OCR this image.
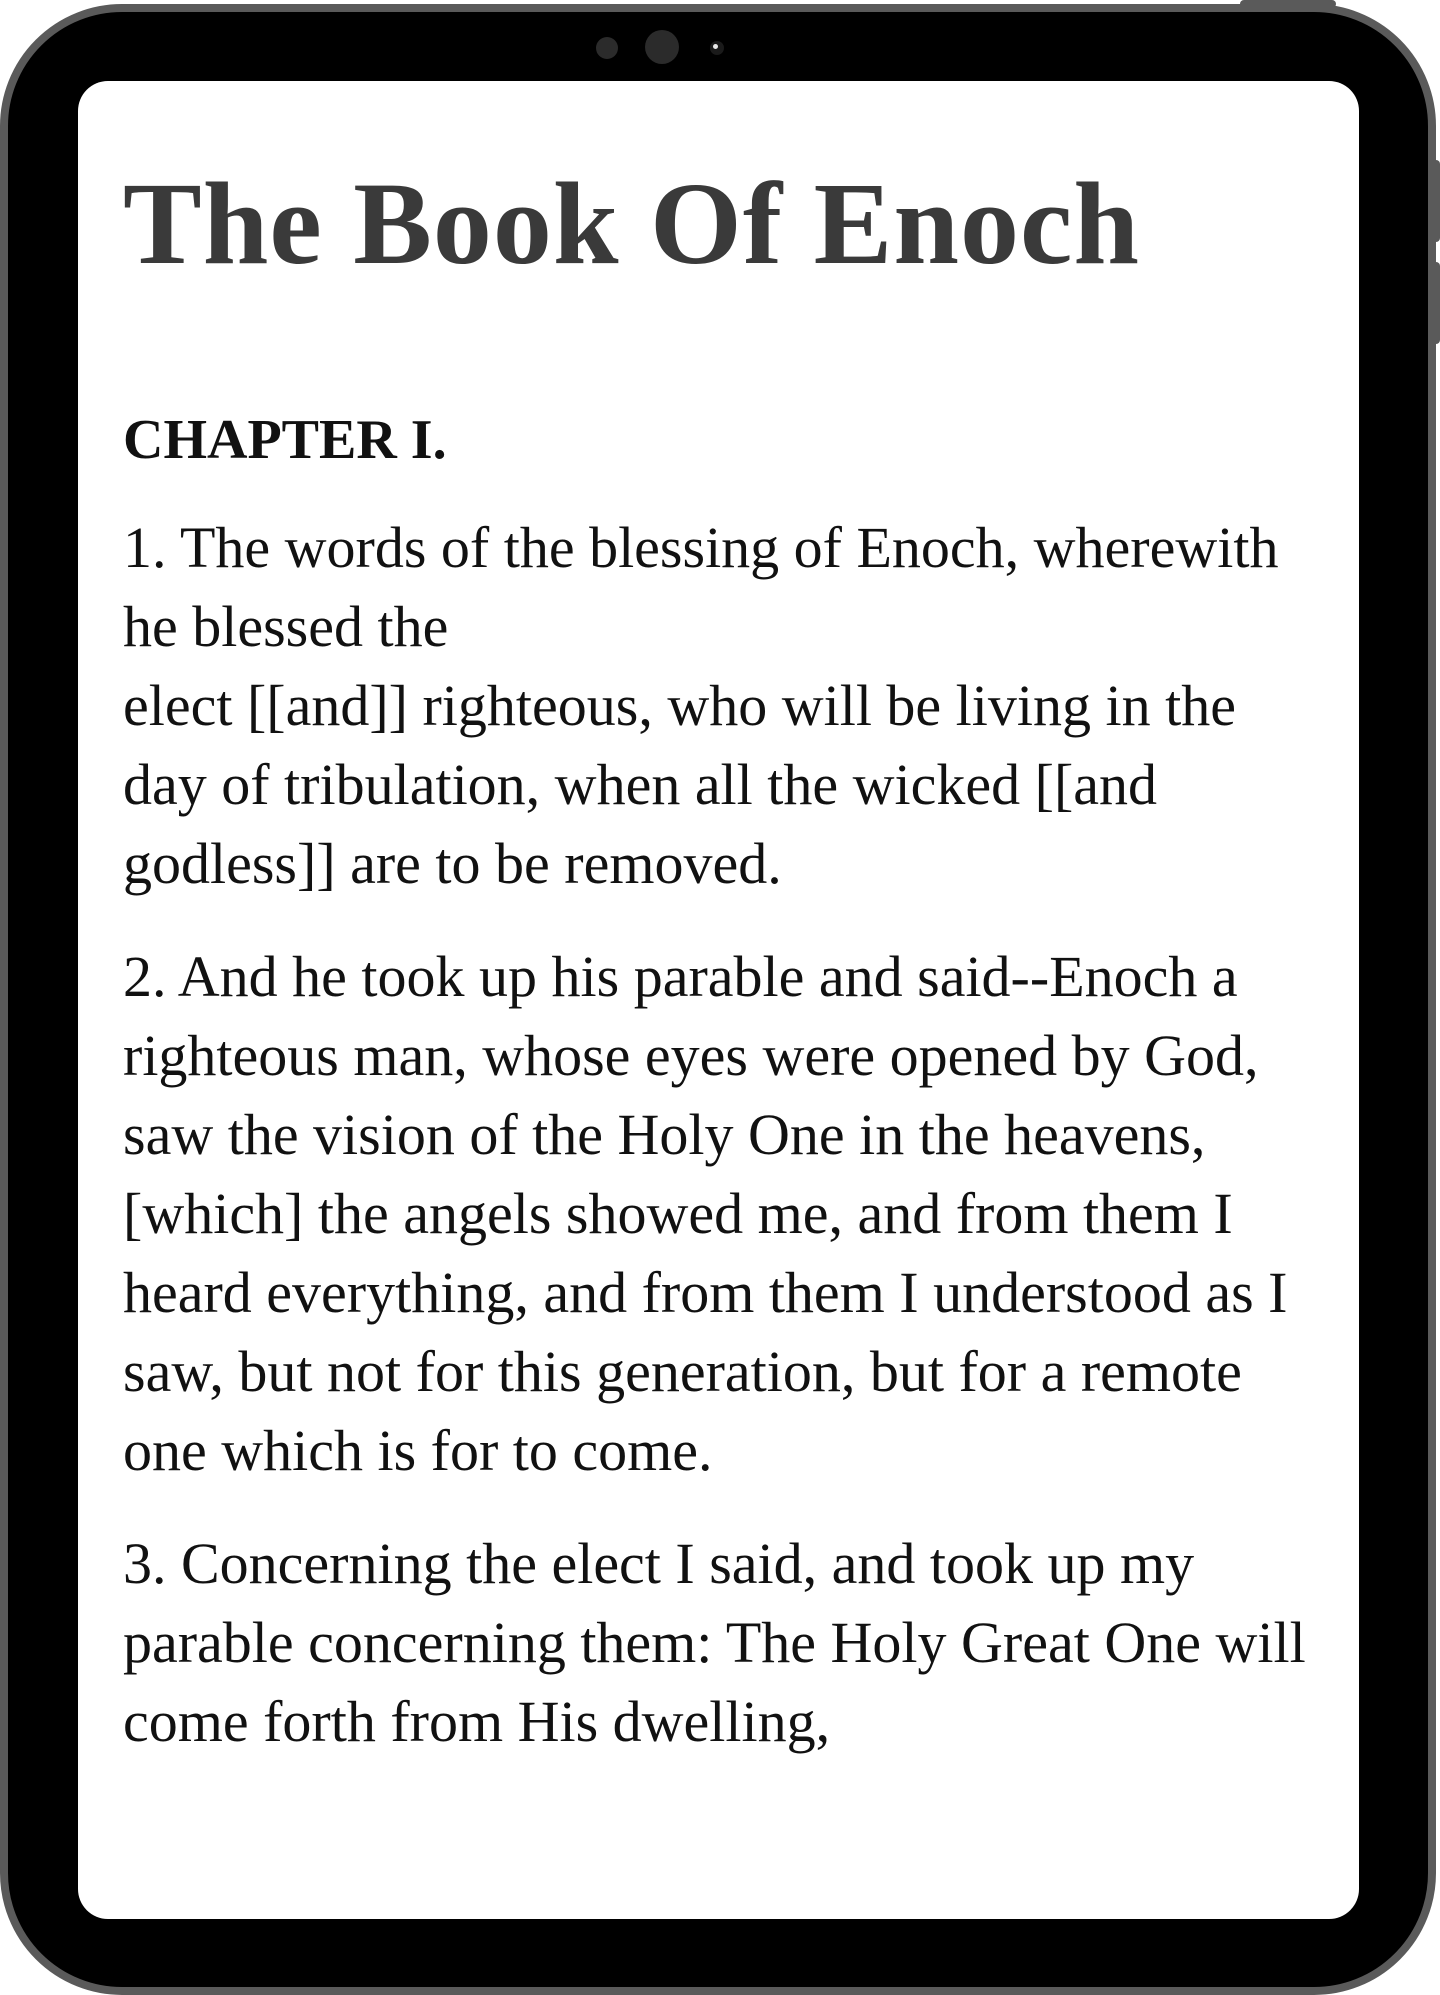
The Book Of Enoch
CHAPTER I.

1. The words of the blessing of Enoch, wherewith he blessed the
elect [[and]] righteous, who will be living in the day of tribulation, when all the wicked [[and godless]] are to be removed.

2. And he took up his parable and said--Enoch a righteous man, whose eyes were opened by God, saw the vision of the Holy One in the heavens, [which] the angels showed me, and from them I heard everything, and from them I understood as I saw, but not for this generation, but for a remote one which is for to come.

3. Concerning the elect I said, and took up my parable concerning them: The Holy Great One will come forth from His dwelling,
